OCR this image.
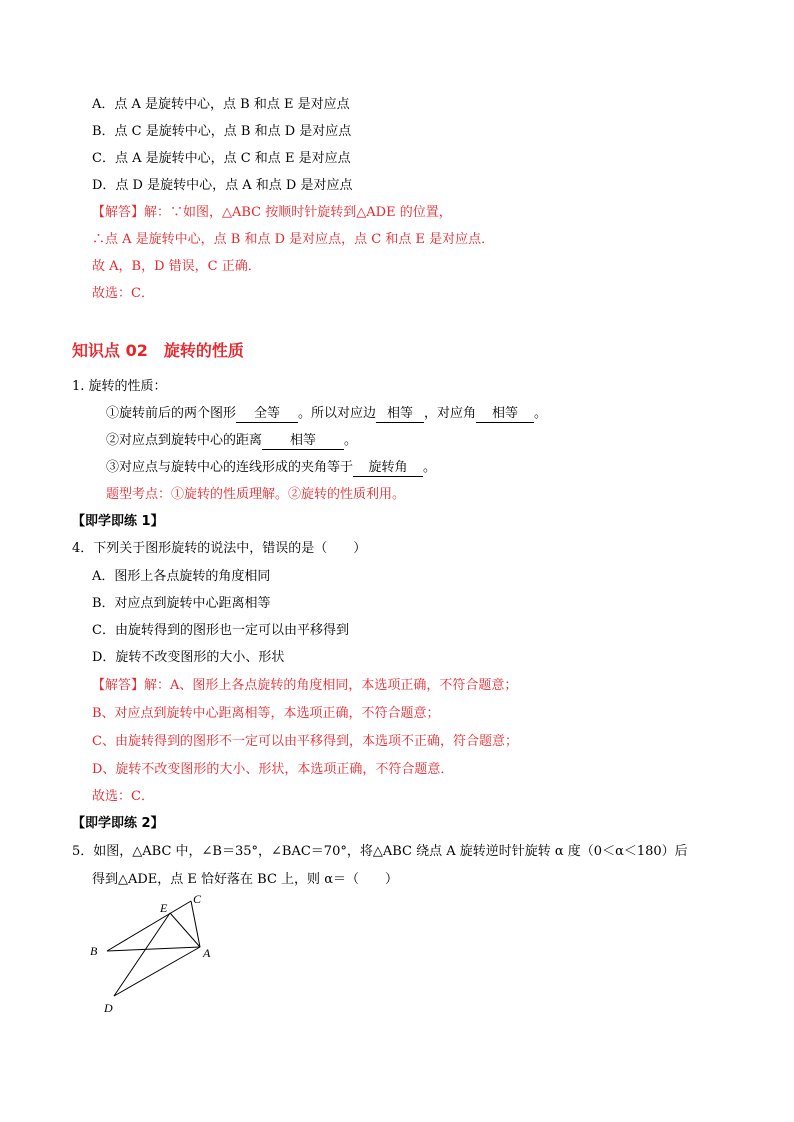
A．点 A 是旋转中心，点 B 和点 E 是对应点
B．点 C 是旋转中心，点 B 和点 D 是对应点
C．点 A 是旋转中心，点 C 和点 E 是对应点
D．点 D 是旋转中心，点 A 和点 D 是对应点
【解答】解：∵如图，△ABC 按顺时针旋转到△ADE 的位置，
∴点 A 是旋转中心，点 B 和点 D 是对应点，点 C 和点 E 是对应点．
故 A，B，D 错误，C 正确．
故选：C．
知识点 02　旋转的性质
1. 旋转的性质：
①旋转前后的两个图形 全等 。所以对应边 相等 ，对应角 相等 。
②对应点到旋转中心的距离 相等 。
③对应点与旋转中心的连线形成的夹角等于 旋转角 。
题型考点：①旋转的性质理解。②旋转的性质利用。
【即学即练 1】
4．下列关于图形旋转的说法中，错误的是（　　）
A．图形上各点旋转的角度相同
B．对应点到旋转中心距离相等
C．由旋转得到的图形也一定可以由平移得到
D．旋转不改变图形的大小、形状
【解答】解：A、图形上各点旋转的角度相同，本选项正确，不符合题意；
B、对应点到旋转中心距离相等，本选项正确，不符合题意；
C、由旋转得到的图形不一定可以由平移得到，本选项不正确，符合题意；
D、旋转不改变图形的大小、形状，本选项正确，不符合题意．
故选：C．
【即学即练 2】
5．如图，△ABC 中，∠B＝35°，∠BAC＝70°，将△ABC 绕点 A 旋转逆时针旋转 α 度（0＜α＜180）后
得到△ADE，点 E 恰好落在 BC 上，则 α＝（　　）
E
C
B	A
D
